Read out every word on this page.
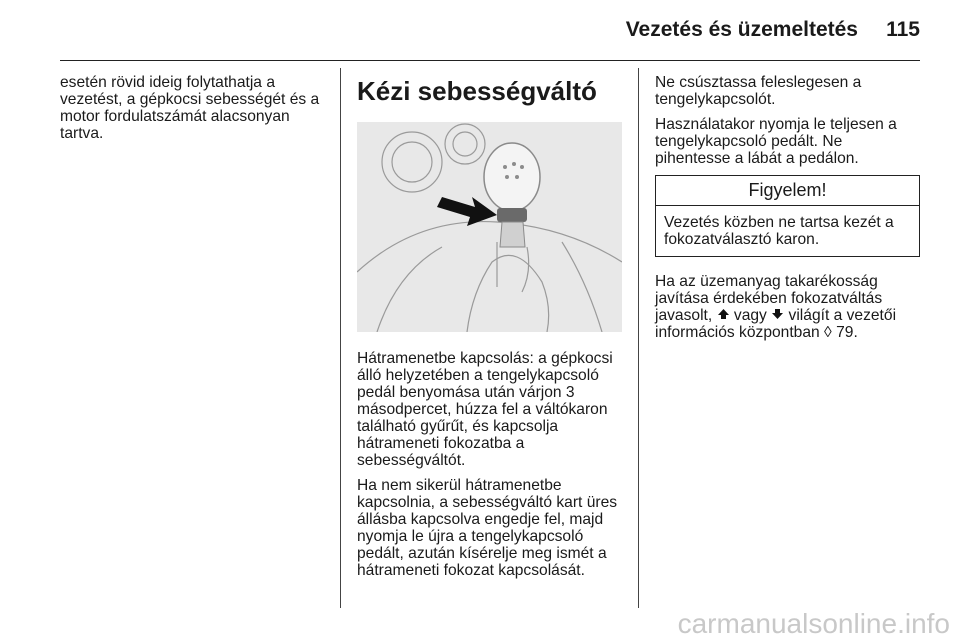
Vezetés és üzemeltetés 115

esetén rövid ideig folytathatja a vezetést, a gépkocsi sebességét és a motor fordulatszámát alacsonyan tartva.

Kézi sebességváltó

Hátramenetbe kapcsolás: a gépkocsi álló helyzetében a tengelykapcsoló pedál benyomása után várjon 3 másodpercet, húzza fel a váltókaron található gyűrűt, és kapcsolja hátrameneti fokozatba a sebességváltót.

Ha nem sikerül hátramenetbe kapcsolnia, a sebességváltó kart üres állásba kapcsolva engedje fel, majd nyomja le újra a tengelykapcsoló pedált, azután kísérelje meg ismét a hátrameneti fokozat kapcsolását.

Ne csúsztassa feleslegesen a tengelykapcsolót.

Használatakor nyomja le teljesen a tengelykapcsoló pedált. Ne pihentesse a lábát a pedálon.

Figyelem!
Vezetés közben ne tartsa kezét a fokozatválasztó karon.

Ha az üzemanyag takarékosság javítása érdekében fokozatváltás javasolt, vagy világít a vezetői információs központban ◊ 79.

carmanualsonline.info
